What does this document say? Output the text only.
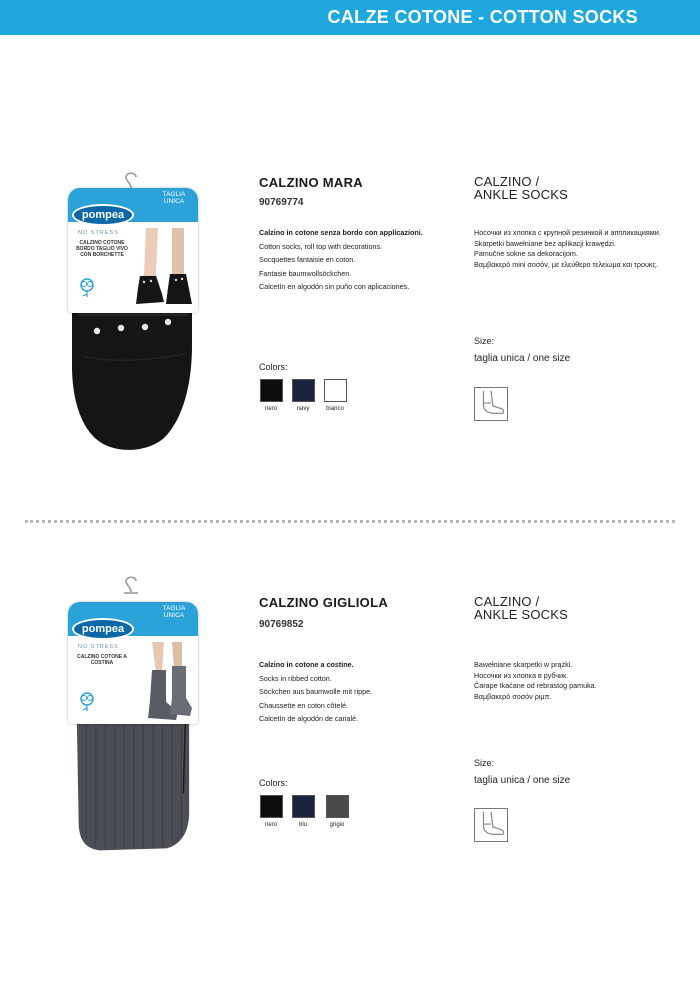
CALZE COTONE - COTTON SOCKS
TAGLIA UNICA
pompea
NO STRESS
CALZINO COTONE BORDO TAGLIO VIVO CON BORCHETTE
CALZINO MARA
90769774
Calzino in cotone senza bordo con applicazioni.
Cotton socks, roll top with decorations.
Socquettes fantaisie en coton.
Fantasie baumwollsöckchen.
Calcetín en algodón sin puño con aplicaciones.
Colors:
nero	navy	bianco
CALZINO /
ANKLE SOCKS
Носочки из хлопка с крупной резинкой и аппликациями.
Skarpetki bawełniane bez aplikacji krawędzi.
Pamučne sokne sa dekoracijom.
Βαμβακερό mini σοσόν, με ελεύθερο τελείωμα και τρουκς.
Size:
taglia unica / one size
TAGLIA UNICA
pompea
NO STRESS
CALZINO COTONE A COSTINA
CALZINO GIGLIOLA
90769852
Calzino in cotone a costine.
Socks in ribbed cotton.
Söckchen aus baumwolle mit rippe.
Chaussette en coton côtelé.
Calcetín de algodón de canalé.
Colors:
nero	blu	grigio
CALZINO /
ANKLE SOCKS
Bawełniane skarpetki w prążki.
Носочки из хлопка в рубчик.
Čarape tkaćane od rebrastog pamuka.
Βαμβακερό σοσόν ριμπ.
Size:
taglia unica / one size
